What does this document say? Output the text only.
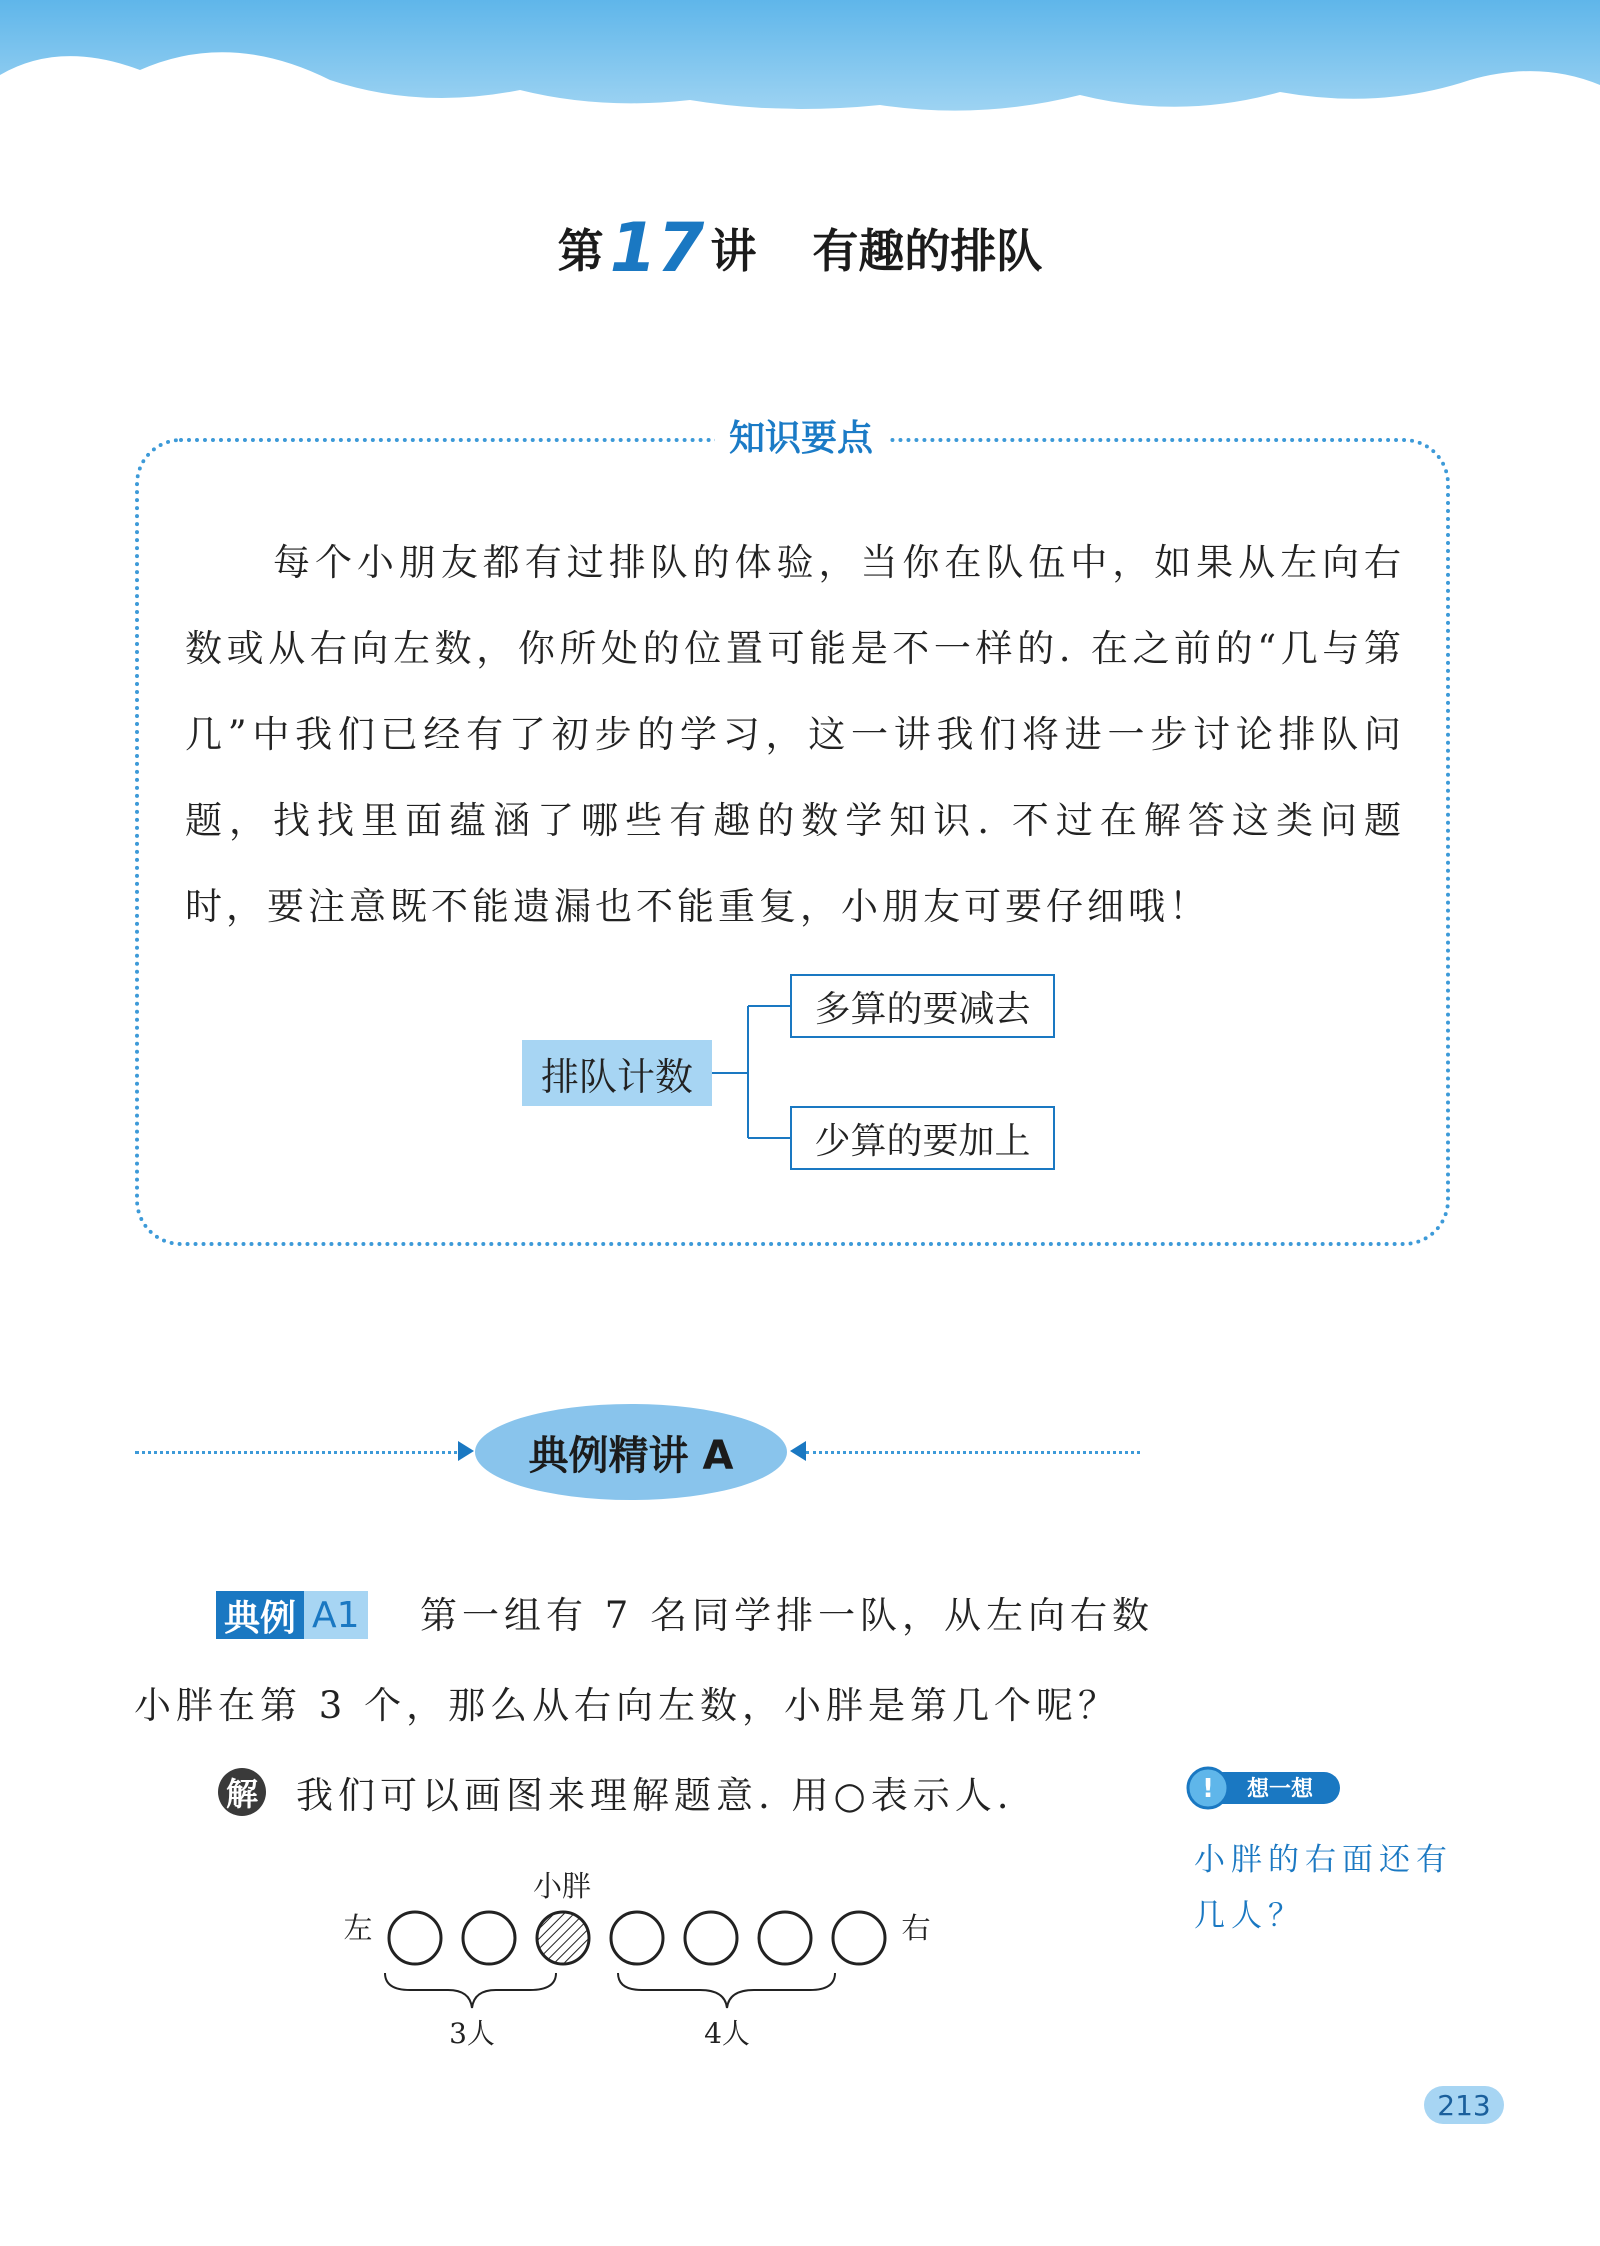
第17 讲 有趣的排队
知识要点

每个小朋友都有过排队的体验，当你在队伍中，如果从左向右数或从右向左数，你所处的位置可能是不一样的. 在之前的“几与第几”中我们已经有了初步的学习，这一讲我们将进一步讨论排队问题，找找里面蕴涵了哪些有趣的数学知识. 不过在解答这类问题时，要注意既不能遗漏也不能重复，小朋友可要仔细哦！

排队计数
多算的要减去
少算的要加上
典例精讲 A
典例 A1 第一组有 7 名同学排一队，从左向右数
小胖在第 3 个，那么从右向左数，小胖是第几个呢？
解 我们可以画图来理解题意. 用○表示人.	! 想一想
小胖的右面还有几人？
小胖
左	右
3人	4人
213
